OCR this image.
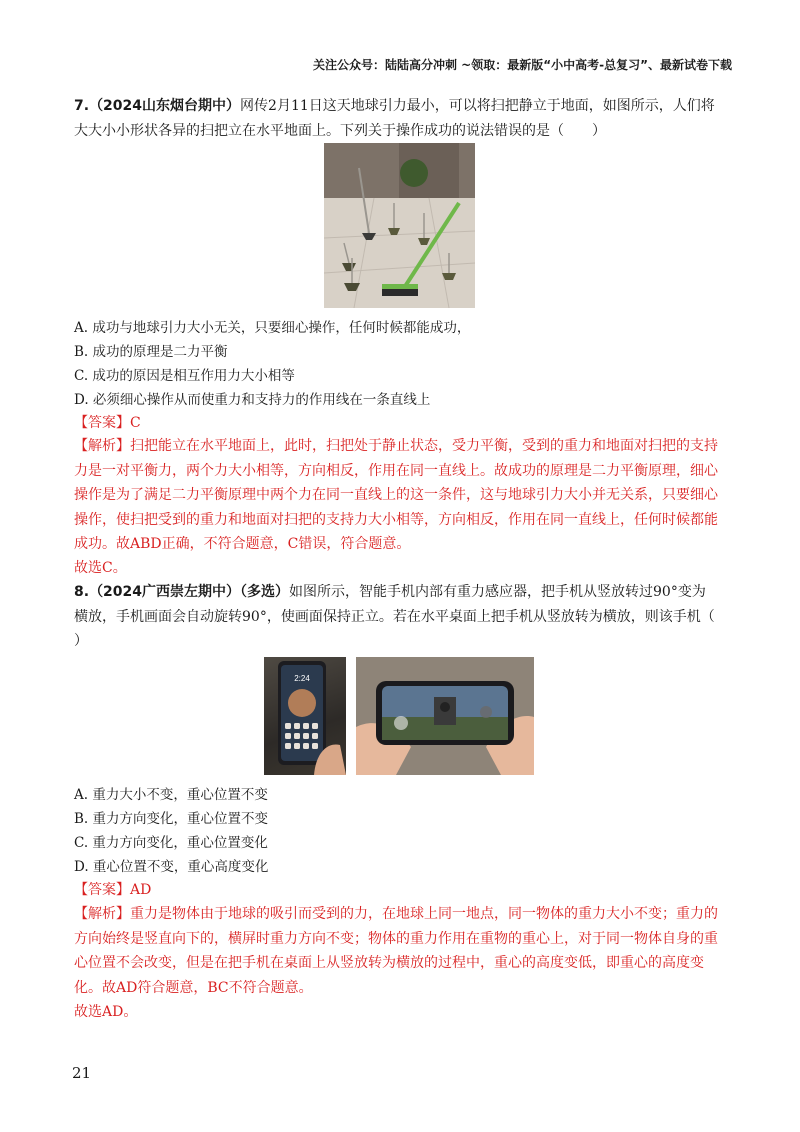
关注公众号：陆陆高分冲刺 ~领取：最新版“小中高考-总复习”、最新试卷下载
7.（2024山东烟台期中）网传2月11日这天地球引力最小，可以将扫把静立于地面，如图所示，人们将
大大小小形状各异的扫把立在水平地面上。下列关于操作成功的说法错误的是（　　）
A. 成功与地球引力大小无关，只要细心操作，任何时候都能成功，
B. 成功的原理是二力平衡
C. 成功的原因是相互作用力大小相等
D. 必须细心操作从而使重力和支持力的作用线在一条直线上
【答案】C
【解析】扫把能立在水平地面上，此时，扫把处于静止状态，受力平衡，受到的重力和地面对扫把的支持
力是一对平衡力，两个力大小相等，方向相反，作用在同一直线上。故成功的原理是二力平衡原理，细心
操作是为了满足二力平衡原理中两个力在同一直线上的这一条件，这与地球引力大小并无关系，只要细心
操作，使扫把受到的重力和地面对扫把的支持力大小相等，方向相反，作用在同一直线上，任何时候都能
成功。故ABD正确，不符合题意，C错误，符合题意。
故选C。
8.（2024广西崇左期中）（多选）如图所示，智能手机内部有重力感应器，把手机从竖放转过90°变为
横放，手机画面会自动旋转90°，使画面保持正立。若在水平桌面上把手机从竖放转为横放，则该手机（
）
2:24
A. 重力大小不变，重心位置不变
B. 重力方向变化，重心位置不变
C. 重力方向变化，重心位置变化
D. 重心位置不变，重心高度变化
【答案】AD
【解析】重力是物体由于地球的吸引而受到的力，在地球上同一地点，同一物体的重力大小不变；重力的
方向始终是竖直向下的，横屏时重力方向不变；物体的重力作用在重物的重心上，对于同一物体自身的重
心位置不会改变，但是在把手机在桌面上从竖放转为横放的过程中，重心的高度变低，即重心的高度变
化。故AD符合题意，BC不符合题意。
故选AD。
21
